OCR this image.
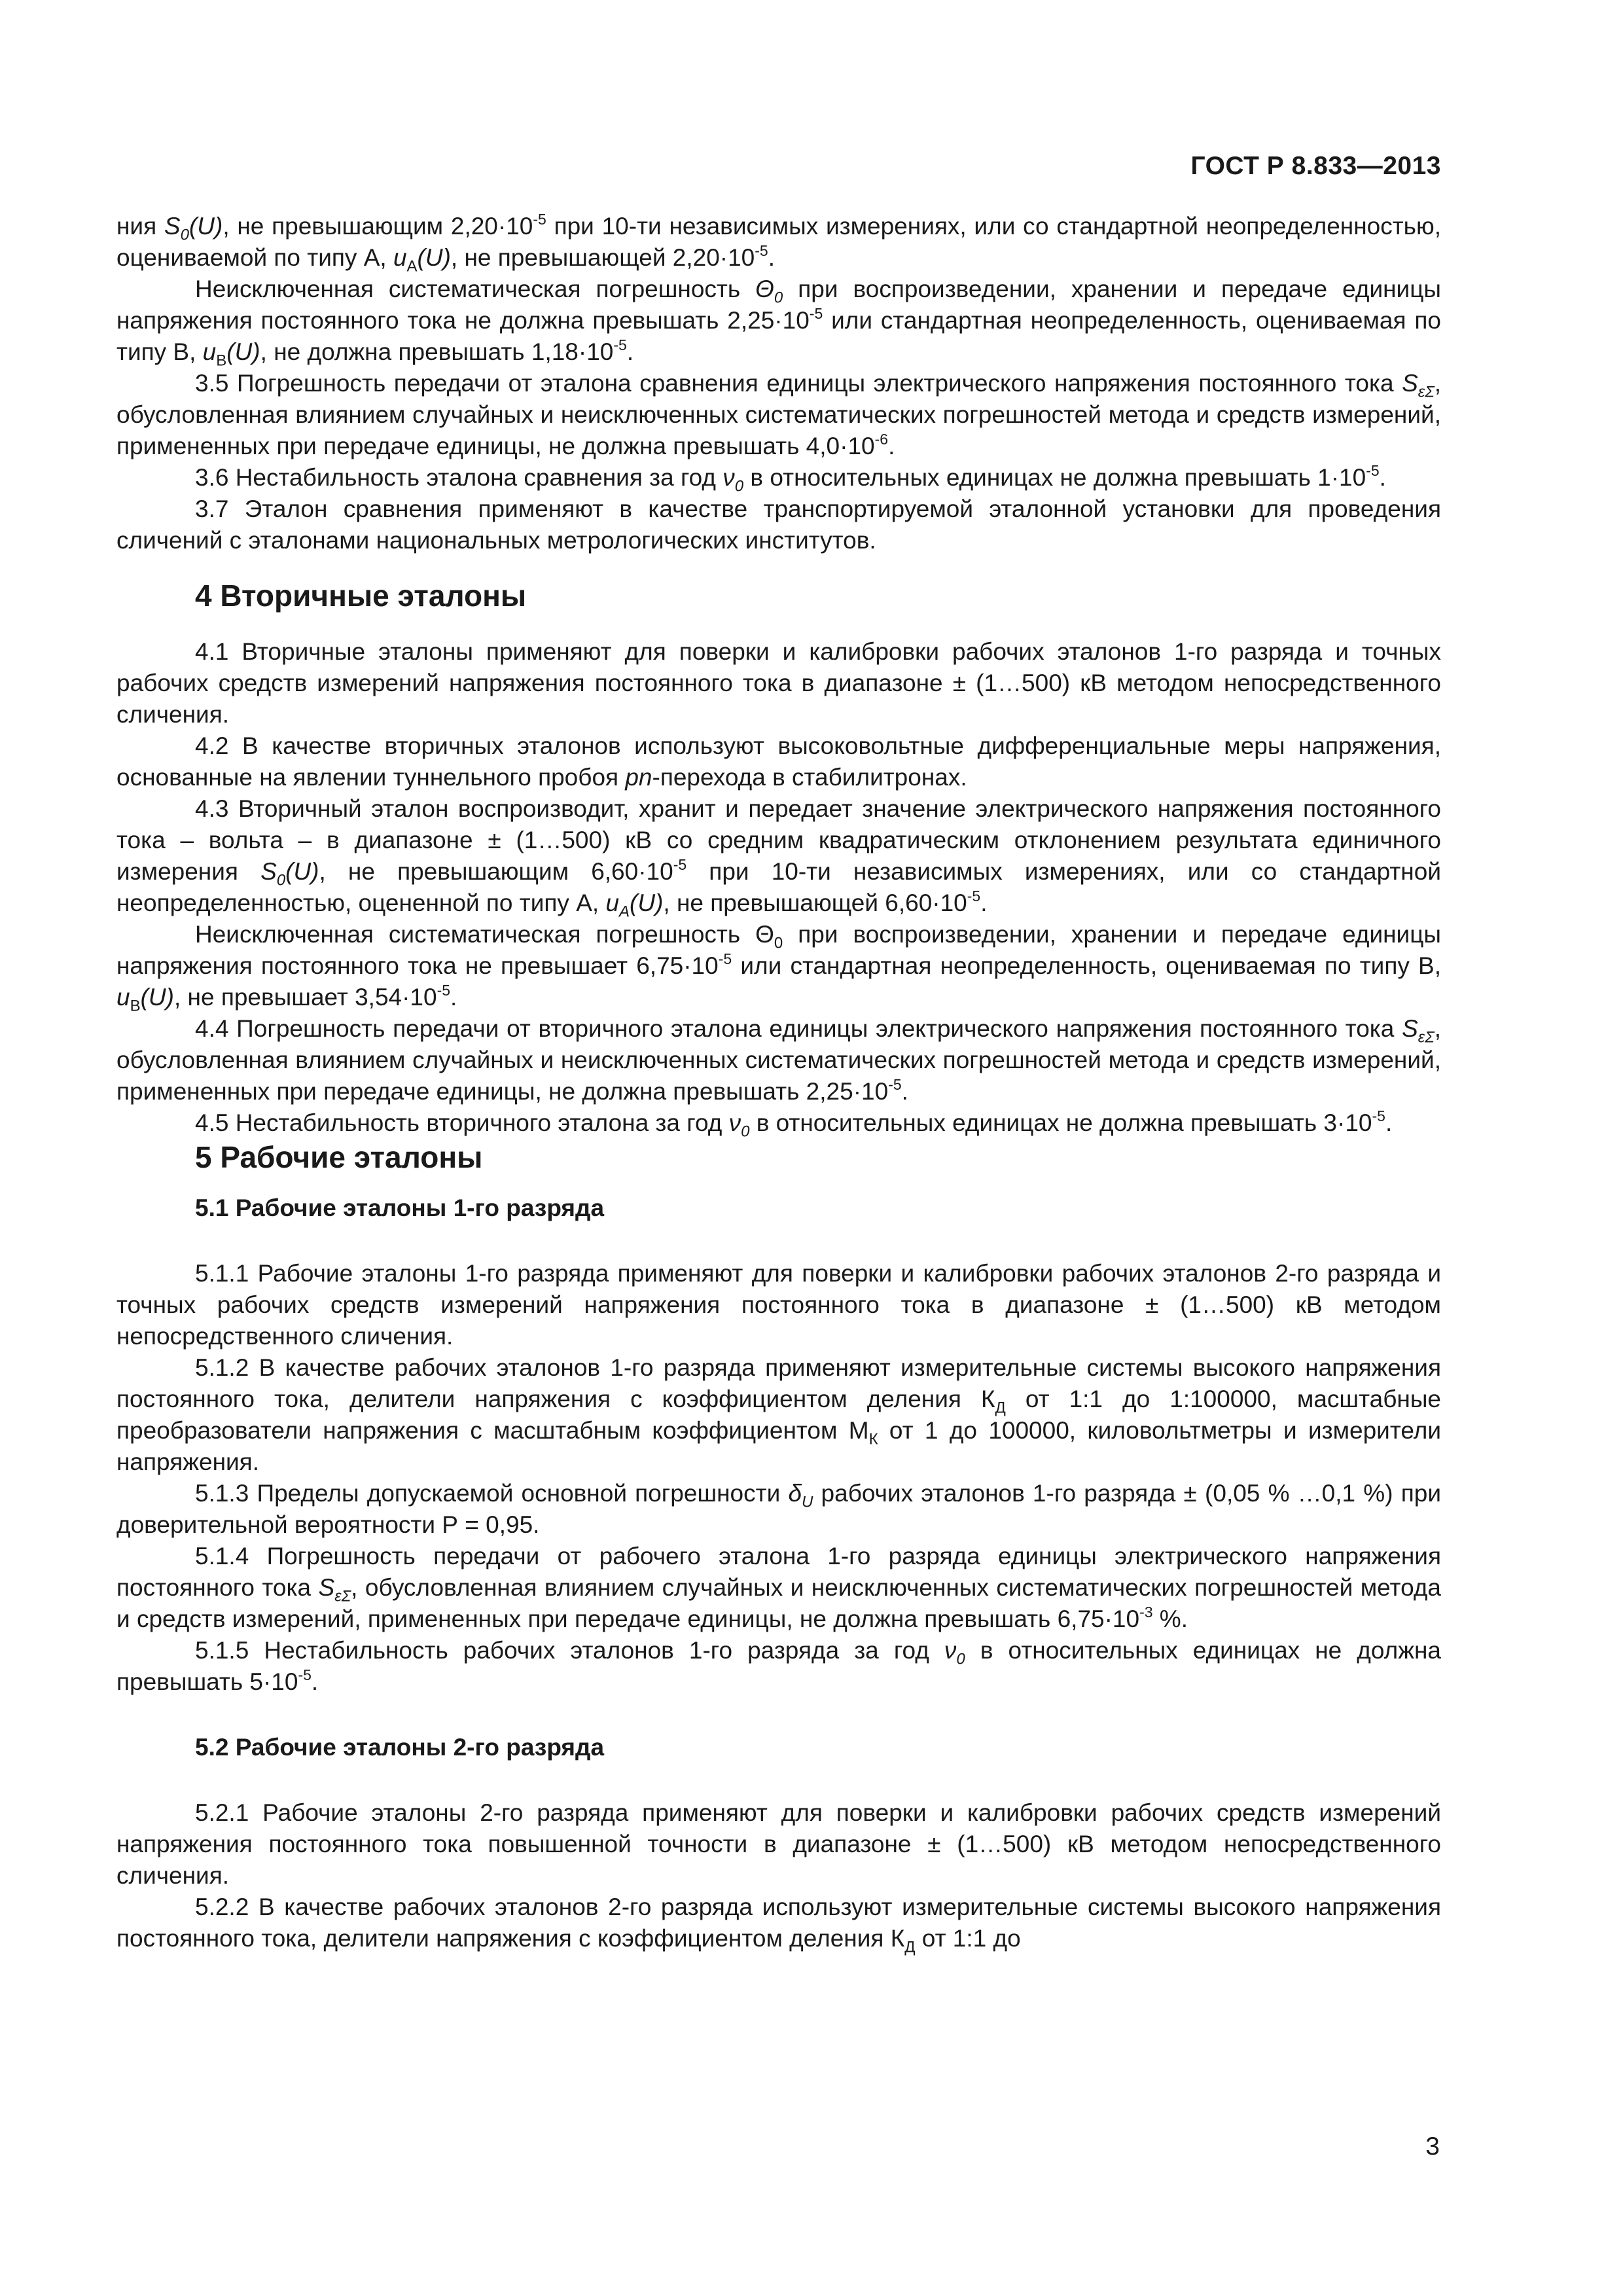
ГОСТ Р 8.833—2013

ния $S_0(U)$, не превышающим $2,20\cdot 10^{-5}$ при 10-ти независимых измерениях, или со стандартной неопределенностью, оцениваемой по типу А, $u_A(U)$, не превышающей $2,20\cdot 10^{-5}$.

Неисключенная систематическая погрешность $\Theta_0$ при воспроизведении, хранении и передаче единицы напряжения постоянного тока не должна превышать $2,25\cdot 10^{-5}$ или стандартная неопределенность, оцениваемая по типу В, $u_B(U)$, не должна превышать $1,18\cdot 10^{-5}$.

3.5 Погрешность передачи от эталона сравнения единицы электрического напряжения постоянного тока $S_{\varepsilon\Sigma}$, обусловленная влиянием случайных и неисключенных систематических погрешностей метода и средств измерений, примененных при передаче единицы, не должна превышать $4,0\cdot 10^{-6}$.

3.6 Нестабильность эталона сравнения за год $\nu_0$ в относительных единицах не должна превышать $1\cdot 10^{-5}$.

3.7 Эталон сравнения применяют в качестве транспортируемой эталонной установки для проведения сличений с эталонами национальных метрологических институтов.

4 Вторичные эталоны

4.1 Вторичные эталоны применяют для поверки и калибровки рабочих эталонов 1-го разряда и точных рабочих средств измерений напряжения постоянного тока в диапазоне ± (1…500) кВ методом непосредственного сличения.

4.2 В качестве вторичных эталонов используют высоковольтные дифференциальные меры напряжения, основанные на явлении туннельного пробоя pn-перехода в стабилитронах.

4.3 Вторичный эталон воспроизводит, хранит и передает значение электрического напряжения постоянного тока – вольта – в диапазоне ± (1…500) кВ со средним квадратическим отклонением результата единичного измерения $S_0(U)$, не превышающим $6,60\cdot 10^{-5}$ при 10-ти независимых измерениях, или со стандартной неопределенностью, оцененной по типу А, $u_A(U)$, не превышающей $6,60\cdot 10^{-5}$.

Неисключенная систематическая погрешность $\Theta_0$ при воспроизведении, хранении и передаче единицы напряжения постоянного тока не превышает $6,75\cdot 10^{-5}$ или стандартная неопределенность, оцениваемая по типу В, $u_B(U)$, не превышает $3,54\cdot 10^{-5}$.

4.4 Погрешность передачи от вторичного эталона единицы электрического напряжения постоянного тока $S_{\varepsilon\Sigma}$, обусловленная влиянием случайных и неисключенных систематических погрешностей метода и средств измерений, примененных при передаче единицы, не должна превышать $2,25\cdot 10^{-5}$.

4.5 Нестабильность вторичного эталона за год $\nu_0$ в относительных единицах не должна превышать $3\cdot 10^{-5}$.

5 Рабочие эталоны
5.1 Рабочие эталоны 1-го разряда

5.1.1 Рабочие эталоны 1-го разряда применяют для поверки и калибровки рабочих эталонов 2-го разряда и точных рабочих средств измерений напряжения постоянного тока в диапазоне ± (1…500) кВ методом непосредственного сличения.

5.1.2 В качестве рабочих эталонов 1-го разряда применяют измерительные системы высокого напряжения постоянного тока, делители напряжения с коэффициентом деления $К_Д$ от 1:1 до 1:100000, масштабные преобразователи напряжения с масштабным коэффициентом $М_К$ от 1 до 100000, киловольтметры и измерители напряжения.

5.1.3 Пределы допускаемой основной погрешности $\delta_U$ рабочих эталонов 1-го разряда ± (0,05 % …0,1 %) при доверительной вероятности Р = 0,95.

5.1.4 Погрешность передачи от рабочего эталона 1-го разряда единицы электрического напряжения постоянного тока $S_{\varepsilon\Sigma}$, обусловленная влиянием случайных и неисключенных систематических погрешностей метода и средств измерений, примененных при передаче единицы, не должна превышать $6,75\cdot 10^{-3}$ %.

5.1.5 Нестабильность рабочих эталонов 1-го разряда за год $\nu_0$ в относительных единицах не должна превышать $5\cdot 10^{-5}$.

5.2 Рабочие эталоны 2-го разряда

5.2.1 Рабочие эталоны 2-го разряда применяют для поверки и калибровки рабочих средств измерений напряжения постоянного тока повышенной точности в диапазоне ± (1…500) кВ методом непосредственного сличения.

5.2.2 В качестве рабочих эталонов 2-го разряда используют измерительные системы высокого напряжения постоянного тока, делители напряжения с коэффициентом деления $К_Д$ от 1:1 до

3
